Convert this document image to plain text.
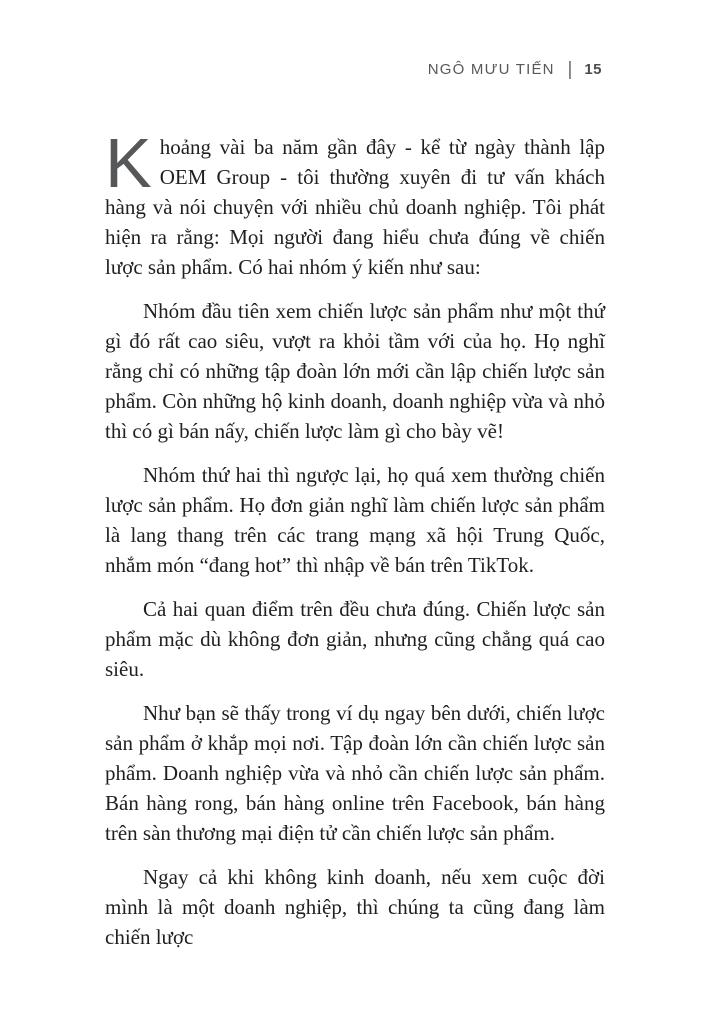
NGÔ MƯU TIẾN | 15

Khoảng vài ba năm gần đây - kể từ ngày thành lập OEM Group - tôi thường xuyên đi tư vấn khách hàng và nói chuyện với nhiều chủ doanh nghiệp. Tôi phát hiện ra rằng: Mọi người đang hiểu chưa đúng về chiến lược sản phẩm. Có hai nhóm ý kiến như sau:

Nhóm đầu tiên xem chiến lược sản phẩm như một thứ gì đó rất cao siêu, vượt ra khỏi tầm với của họ. Họ nghĩ rằng chỉ có những tập đoàn lớn mới cần lập chiến lược sản phẩm. Còn những hộ kinh doanh, doanh nghiệp vừa và nhỏ thì có gì bán nấy, chiến lược làm gì cho bày vẽ!

Nhóm thứ hai thì ngược lại, họ quá xem thường chiến lược sản phẩm. Họ đơn giản nghĩ làm chiến lược sản phẩm là lang thang trên các trang mạng xã hội Trung Quốc, nhắm món “đang hot” thì nhập về bán trên TikTok.

Cả hai quan điểm trên đều chưa đúng. Chiến lược sản phẩm mặc dù không đơn giản, nhưng cũng chẳng quá cao siêu.

Như bạn sẽ thấy trong ví dụ ngay bên dưới, chiến lược sản phẩm ở khắp mọi nơi. Tập đoàn lớn cần chiến lược sản phẩm. Doanh nghiệp vừa và nhỏ cần chiến lược sản phẩm. Bán hàng rong, bán hàng online trên Facebook, bán hàng trên sàn thương mại điện tử cần chiến lược sản phẩm.

Ngay cả khi không kinh doanh, nếu xem cuộc đời mình là một doanh nghiệp, thì chúng ta cũng đang làm chiến lược
